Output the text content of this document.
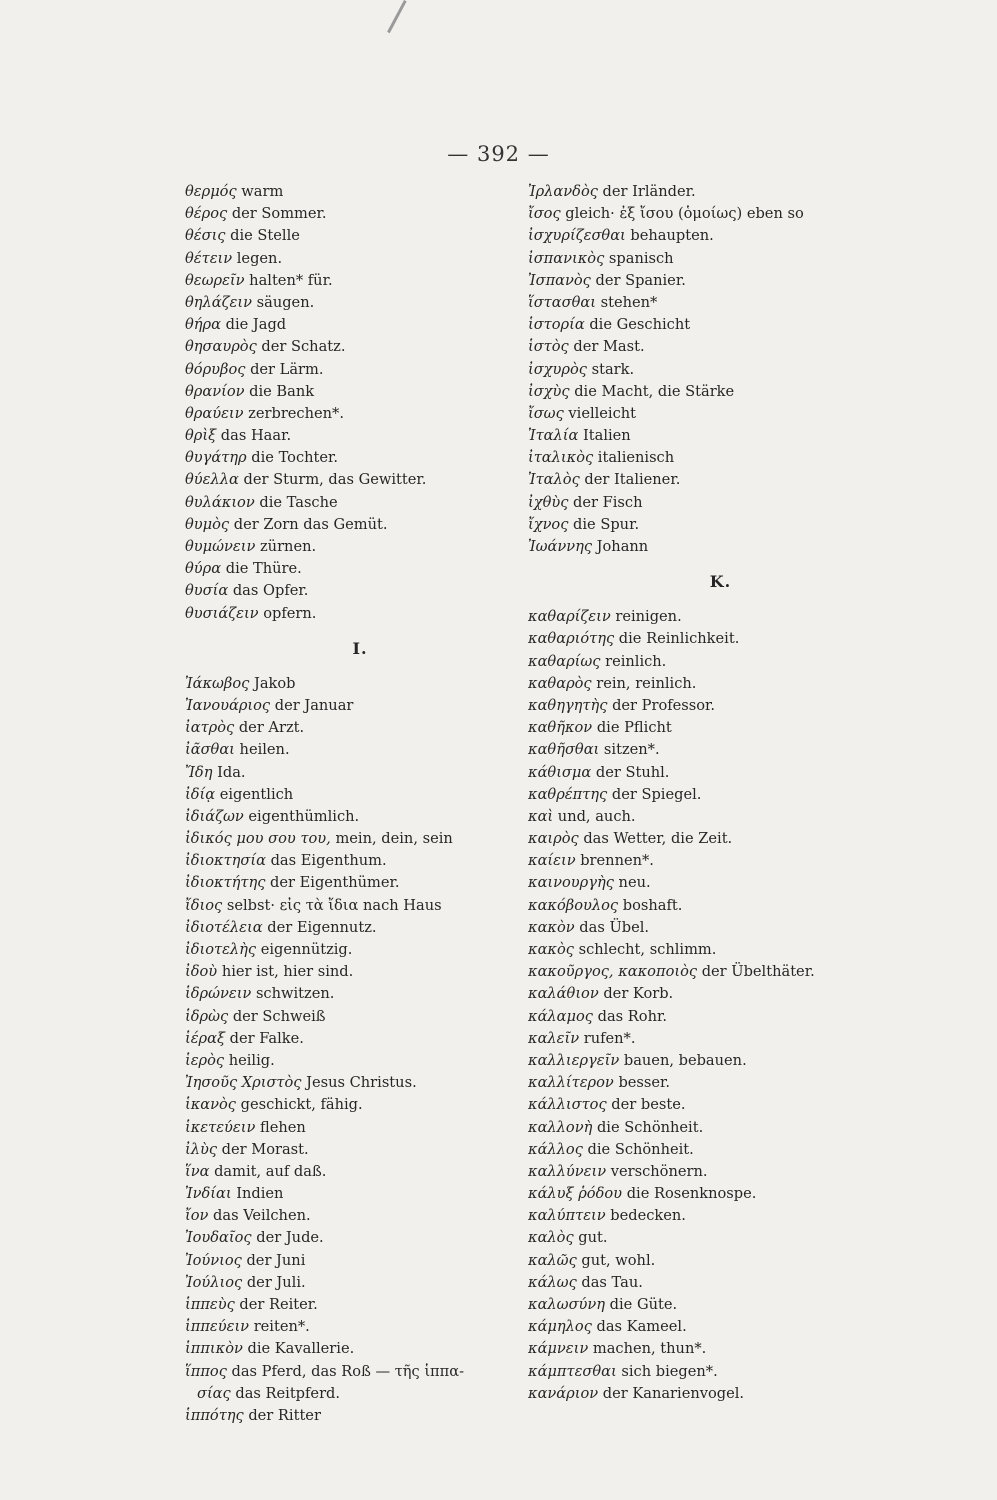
— 392 —
θερμός warm
θέρος der Sommer.
θέσις die Stelle
θέτειν legen.
θεωρεῖν halten* für.
θηλάζειν säugen.
θήρα die Jagd
θησαυρὸς der Schatz.
θόρυβος der Lärm.
θρανίον die Bank
θραύειν zerbrechen*.
θρὶξ das Haar.
θυγάτηρ die Tochter.
θύελλα der Sturm, das Gewitter.
θυλάκιον die Tasche
θυμὸς der Zorn das Gemüt.
θυμώνειν zürnen.
θύρα die Thüre.
θυσία das Opfer.
θυσιάζειν opfern.
I.
Ἰάκωβος Jakob
Ἰανουάριος der Januar
ἰατρὸς der Arzt.
ἰᾶσθαι heilen.
Ἴδη Ida.
ἰδίᾳ eigentlich
ἰδιάζων eigenthümlich.
ἰδικός μου σου του, mein, dein, sein
ἰδιοκτησία das Eigenthum.
ἰδιοκτήτης der Eigenthümer.
ἴδιος selbst· εἰς τὰ ἴδια nach Haus
ἰδιοτέλεια der Eigennutz.
ἰδιοτελὴς eigennützig.
ἰδοὺ hier ist, hier sind.
ἱδρώνειν schwitzen.
ἱδρὼς der Schweiß
ἱέραξ der Falke.
ἱερὸς heilig.
Ἰησοῦς Χριστὸς Jesus Christus.
ἱκανὸς geschickt, fähig.
ἱκετεύειν flehen
ἰλὺς der Morast.
ἵνα damit, auf daß.
Ἰνδίαι Indien
ἴον das Veilchen.
Ἰουδαῖος der Jude.
Ἰούνιος der Juni
Ἰούλιος der Juli.
ἱππεὺς der Reiter.
ἱππεύειν reiten*.
ἱππικὸν die Kavallerie.
ἵππος das Pferd, das Roß — τῆς ἱππα-
σίας das Reitpferd.
ἱππότης der Ritter
Ἰρλανδὸς der Irländer.
ἴσος gleich· ἐξ ἴσου (ὁμοίως) eben so
ἰσχυρίζεσθαι behaupten.
ἰσπανικὸς spanisch
Ἰσπανὸς der Spanier.
ἵστασθαι stehen*
ἱστορία die Geschicht
ἱστὸς der Mast.
ἰσχυρὸς stark.
ἰσχὺς die Macht, die Stärke
ἴσως vielleicht
Ἰταλία Italien
ἰταλικὸς italienisch
Ἰταλὸς der Italiener.
ἰχθὺς der Fisch
ἴχνος die Spur.
Ἰωάννης Johann
K.
καθαρίζειν reinigen.
καθαριότης die Reinlichkeit.
καθαρίως reinlich.
καθαρὸς rein, reinlich.
καθηγητὴς der Professor.
καθῆκον die Pflicht
καθῆσθαι sitzen*.
κάθισμα der Stuhl.
καθρέπτης der Spiegel.
καὶ und, auch.
καιρὸς das Wetter, die Zeit.
καίειν brennen*.
καινουργὴς neu.
κακόβουλος boshaft.
κακὸν das Übel.
κακὸς schlecht, schlimm.
κακοῦργος, κακοποιὸς der Übelthäter.
καλάθιον der Korb.
κάλαμος das Rohr.
καλεῖν rufen*.
καλλιεργεῖν bauen, bebauen.
καλλίτερον besser.
κάλλιστος der beste.
καλλονὴ die Schönheit.
κάλλος die Schönheit.
καλλύνειν verschönern.
κάλυξ ῥόδου die Rosenknospe.
καλύπτειν bedecken.
καλὸς gut.
καλῶς gut, wohl.
κάλως das Tau.
καλωσύνη die Güte.
κάμηλος das Kameel.
κάμνειν machen, thun*.
κάμπτεσθαι sich biegen*.
κανάριον der Kanarienvogel.
